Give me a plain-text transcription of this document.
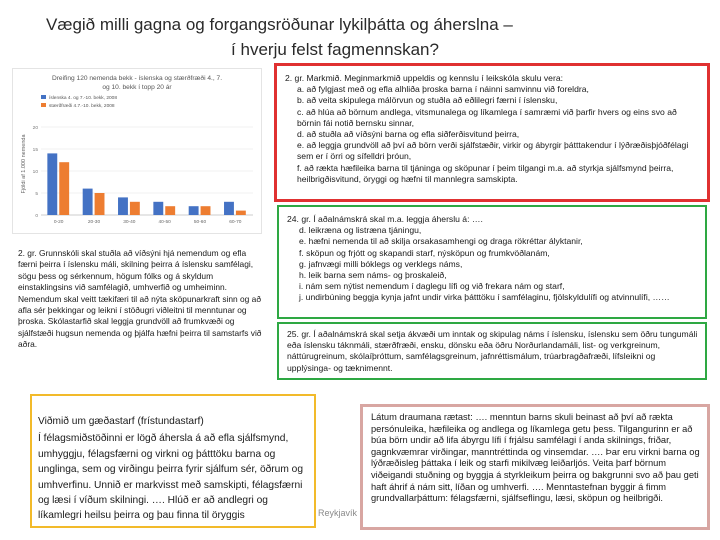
Vægið milli gagna og forgangsröðunar lykilþátta og áherslna –
í hverju felst fagmennskan?
Dreifing 120 nemenda bekk - íslenska og stærðfræði 4., 7.
og 10. bekk í topp 20 ár
Fjöldi af 1.000 nemenda
íslenska 4. og 7.-10. bekk, 2008
stærðfræði 4.7.-10. bekk, 2008
0
5
10
15
20
0-20	20-30	30-40	40-50	50-60	60-70

2. gr. Markmið. Meginmarkmið uppeldis og kennslu í leikskóla skulu vera:

a. að fylgjast með og efla alhliða þroska barna í náinni samvinnu við foreldra,

b. að veita skipulega málörvun og stuðla að eðlilegri færni í íslensku,

c. að hlúa að börnum andlega, vitsmunalega og líkamlega í samræmi við þarfir hvers og eins svo að börnin fái notið bernsku sinnar,

d. að stuðla að víðsýni barna og efla siðferðisvitund þeirra,

e. að leggja grundvöll að því að börn verði sjálfstæðir, virkir og ábyrgir þátttakendur í lýðræðisþjóðfélagi sem er í örri og sífelldri þróun,

f. að rækta hæfileika barna til tjáninga og sköpunar í þeim tilgangi m.a. að styrkja sjálfsmynd þeirra, heilbrigðisvitund, öryggi og hæfni til mannlegra samskipta.

24. gr. Í aðalnámskrá skal m.a. leggja áherslu á: ….

d. leikræna og listræna tjáningu,

e. hæfni nemenda til að skilja orsakasamhengi og draga rökréttar ályktanir,

f. sköpun og frjótt og skapandi starf, nýsköpun og frumkvöðlanám,

g. jafnvægi milli bóklegs og verklegs náms,

h. leik barna sem náms- og þroskaleið,

i. nám sem nýtist nemendum í daglegu lífi og við frekara nám og starf,

j. undirbúning beggja kynja jafnt undir virka þátttöku í samfélaginu, fjölskyldulífi og atvinnulífi, ……

25. gr. Í aðalnámskrá skal setja ákvæði um inntak og skipulag náms í íslensku, íslensku sem öðru tungumáli eða íslensku táknmáli, stærðfræði, ensku, dönsku eða öðru Norðurlandamáli, list- og verkgreinum, náttúrugreinum, skólaíþróttum, samfélagsgreinum, jafnréttismálum, trúarbragðafræði, lífsleikni og upplýsinga- og tæknimennt.

2. gr. Grunnskóli skal stuðla að víðsýni hjá nemendum og efla færni þeirra í íslensku máli, skilning þeirra á íslensku samfélagi, sögu þess og sérkennum, högum fólks og á skyldum einstaklingsins við samfélagið, umhverfið og umheiminn. Nemendum skal veitt tækifæri til að nýta sköpunarkraft sinn og að afla sér þekkingar og leikni í stöðugri viðleitni til menntunar og þroska. Skólastarfið skal leggja grundvöll að frumkvæði og sjálfstæði hugsun nemenda og þjálfa hæfni þeirra til samstarfs við aðra.

Viðmið um gæðastarf (frístundastarf)

Í félagsmiðstöðinni er lögð áhersla á að efla sjálfsmynd, umhyggju, félagsfærni og virkni og þátttöku barna og unglinga, sem og virðingu þeirra fyrir sjálfum sér, öðrum og umhverfinu. Unnið er markvisst með samskipti, félagsfærni og læsi í víðum skilningi. …. Hlúð er að andlegri og líkamlegri heilsu þeirra og þau finna til öryggis

Látum draumana rætast: …. menntun barns skuli beinast að því að rækta persónuleika, hæfileika og andlega og líkamlega getu þess. Tilgangurinn er að búa börn undir að lifa ábyrgu lífi í frjálsu samfélagi í anda skilnings, friðar, gagnkvæmrar virðingar, manntréttinda og vinsemdar. …. Þar eru virkni barna og lýðræðisleg þáttaka í leik og starfi mikilvæg leiðarljós. Veita þarf börnum viðeigandi stuðning og byggja á styrkleikum þeirra og bakgrunni svo að þau geti haft áhrif á nám sitt, líðan og umhverfi. …. Menntastefnan byggir á fimm grundvallarþáttum: félagsfærni, sjálfseflingu, læsi, sköpun og heilbrigði.

Reykjavík
